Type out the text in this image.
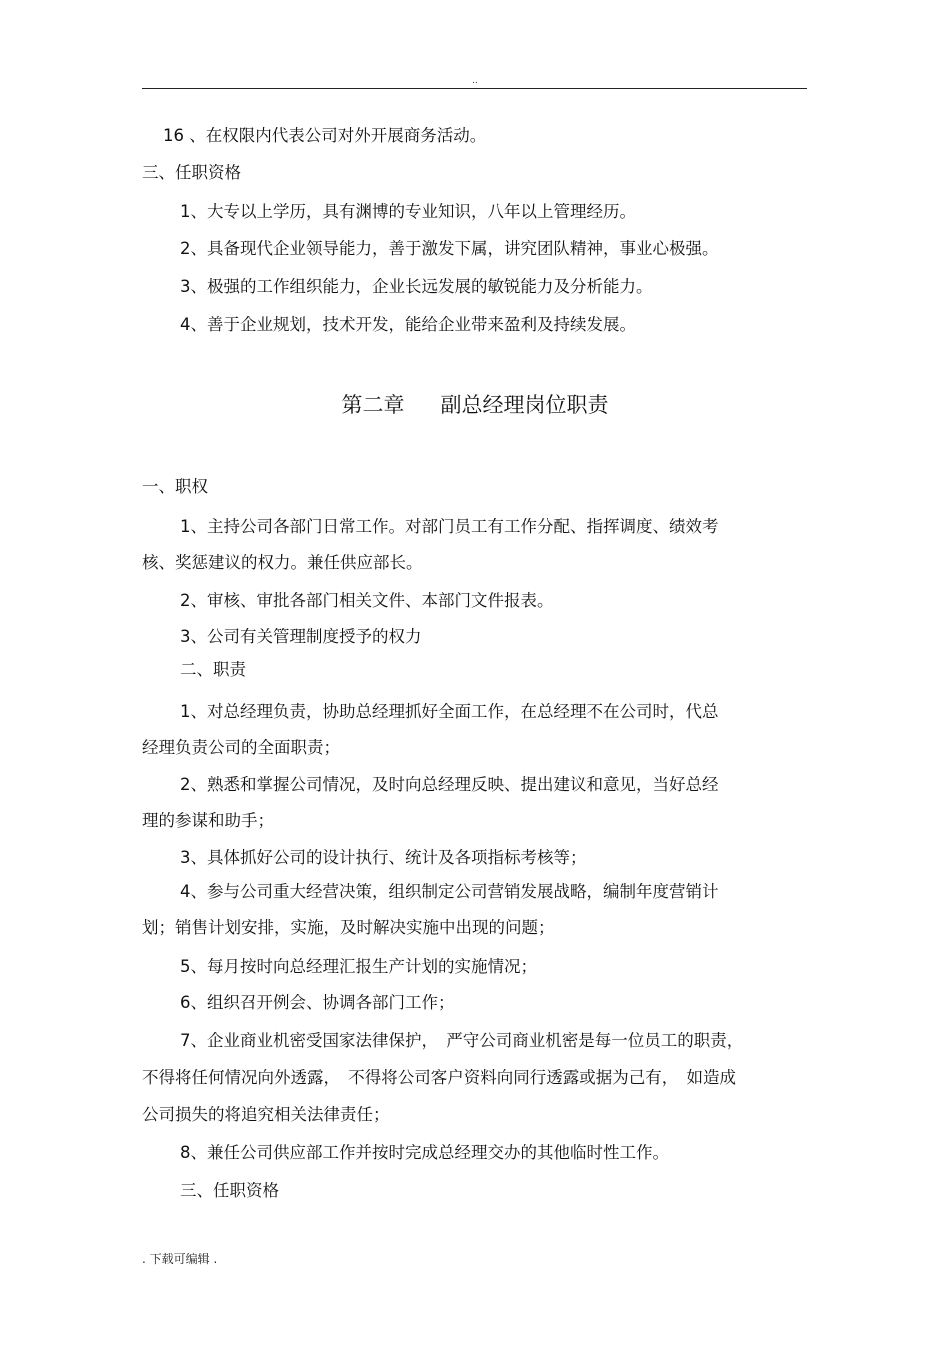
..
16 、在权限内代表公司对外开展商务活动。
三、任职资格
1、大专以上学历，具有渊博的专业知识，八年以上管理经历。
2、具备现代企业领导能力，善于激发下属，讲究团队精神，事业心极强。
3、极强的工作组织能力，企业长远发展的敏锐能力及分析能力。
4、善于企业规划，技术开发，能给企业带来盈利及持续发展。
第二章 副总经理岗位职责
一、职权
1、主持公司各部门日常工作。对部门员工有工作分配、指挥调度、绩效考
核、奖惩建议的权力。兼任供应部长。
2、审核、审批各部门相关文件、本部门文件报表。
3、公司有关管理制度授予的权力
二、职责
1、对总经理负责，协助总经理抓好全面工作，在总经理不在公司时，代总
经理负责公司的全面职责；
2、熟悉和掌握公司情况，及时向总经理反映、提出建议和意见，当好总经
理的参谋和助手；
3、具体抓好公司的设计执行、统计及各项指标考核等；
4、参与公司重大经营决策，组织制定公司营销发展战略，编制年度营销计
划；销售计划安排，实施，及时解决实施中出现的问题；
5、每月按时向总经理汇报生产计划的实施情况；
6、组织召开例会、协调各部门工作；
7、企业商业机密受国家法律保护，　严守公司商业机密是每一位员工的职责，
不得将任何情况向外透露，　不得将公司客户资料向同行透露或据为己有，　如造成
公司损失的将追究相关法律责任；
8、兼任公司供应部工作并按时完成总经理交办的其他临时性工作。
三、任职资格
. 下载可编辑 .
